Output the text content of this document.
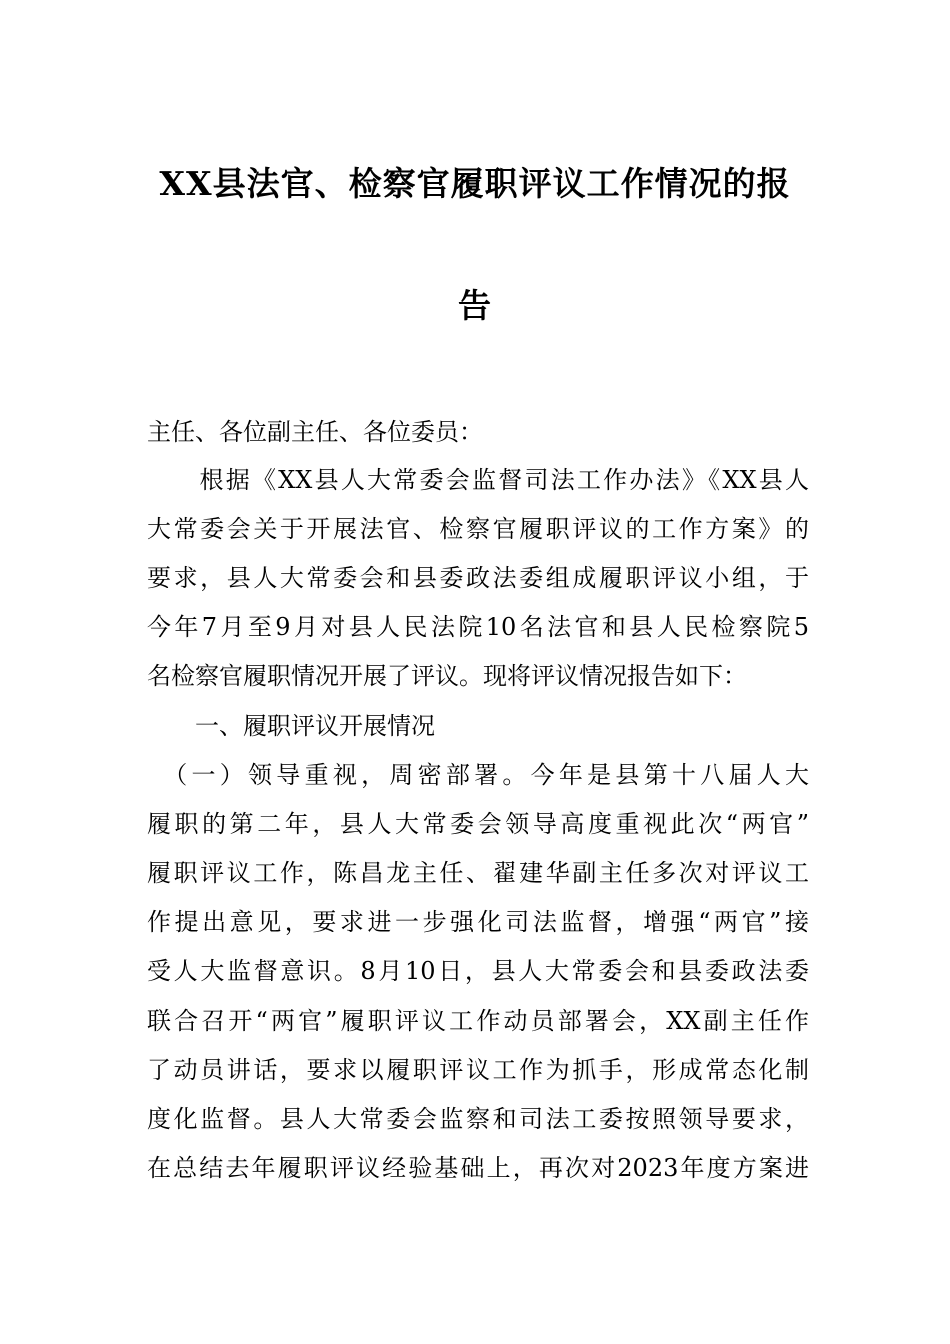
XX县法官、检察官履职评议工作情况的报
告
主任、各位副主任、各位委员：
　　根据《XX县人大常委会监督司法工作办法》《XX县人
大常委会关于开展法官、检察官履职评议的工作方案》的
要求，县人大常委会和县委政法委组成履职评议小组，于
今年7月至9月对县人民法院10名法官和县人民检察院5
名检察官履职情况开展了评议。现将评议情况报告如下：
　　一、履职评议开展情况
　（一）领导重视，周密部署。今年是县第十八届人大
履职的第二年，县人大常委会领导高度重视此次“两官”
履职评议工作，陈昌龙主任、翟建华副主任多次对评议工
作提出意见，要求进一步强化司法监督，增强“两官”接
受人大监督意识。8月10日，县人大常委会和县委政法委
联合召开“两官”履职评议工作动员部署会，XX副主任作
了动员讲话，要求以履职评议工作为抓手，形成常态化制
度化监督。县人大常委会监察和司法工委按照领导要求，
在总结去年履职评议经验基础上，再次对2023年度方案进
